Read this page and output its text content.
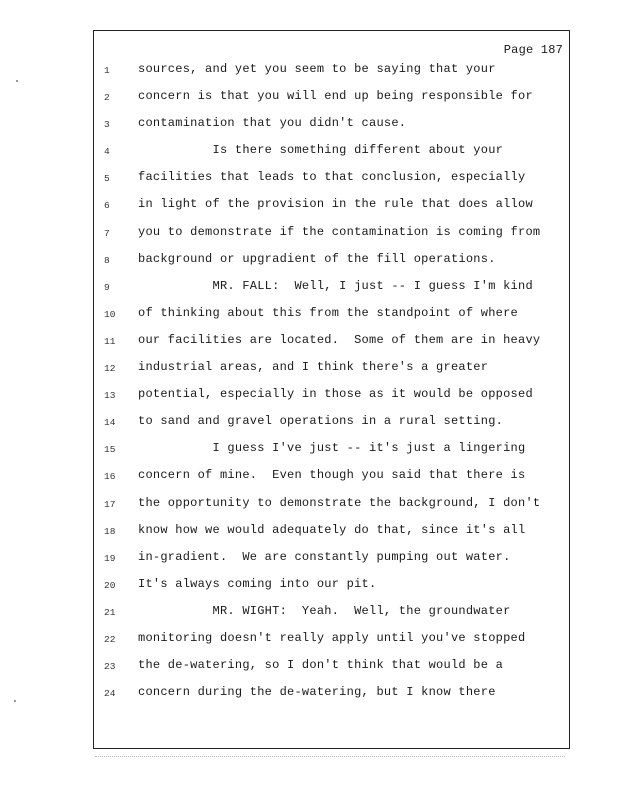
Page 187
1	sources, and yet you seem to be saying that your
2	concern is that you will end up being responsible for
3	contamination that you didn't cause.
4	Is there something different about your
5	facilities that leads to that conclusion, especially
6	in light of the provision in the rule that does allow
7	you to demonstrate if the contamination is coming from
8	background or upgradient of the fill operations.
9	MR. FALL:  Well, I just -- I guess I'm kind
10	of thinking about this from the standpoint of where
11	our facilities are located.  Some of them are in heavy
12	industrial areas, and I think there's a greater
13	potential, especially in those as it would be opposed
14	to sand and gravel operations in a rural setting.
15	I guess I've just -- it's just a lingering
16	concern of mine.  Even though you said that there is
17	the opportunity to demonstrate the background, I don't
18	know how we would adequately do that, since it's all
19	in-gradient.  We are constantly pumping out water.
20	It's always coming into our pit.
21	MR. WIGHT:  Yeah.  Well, the groundwater
22	monitoring doesn't really apply until you've stopped
23	the de-watering, so I don't think that would be a
24	concern during the de-watering, but I know there
